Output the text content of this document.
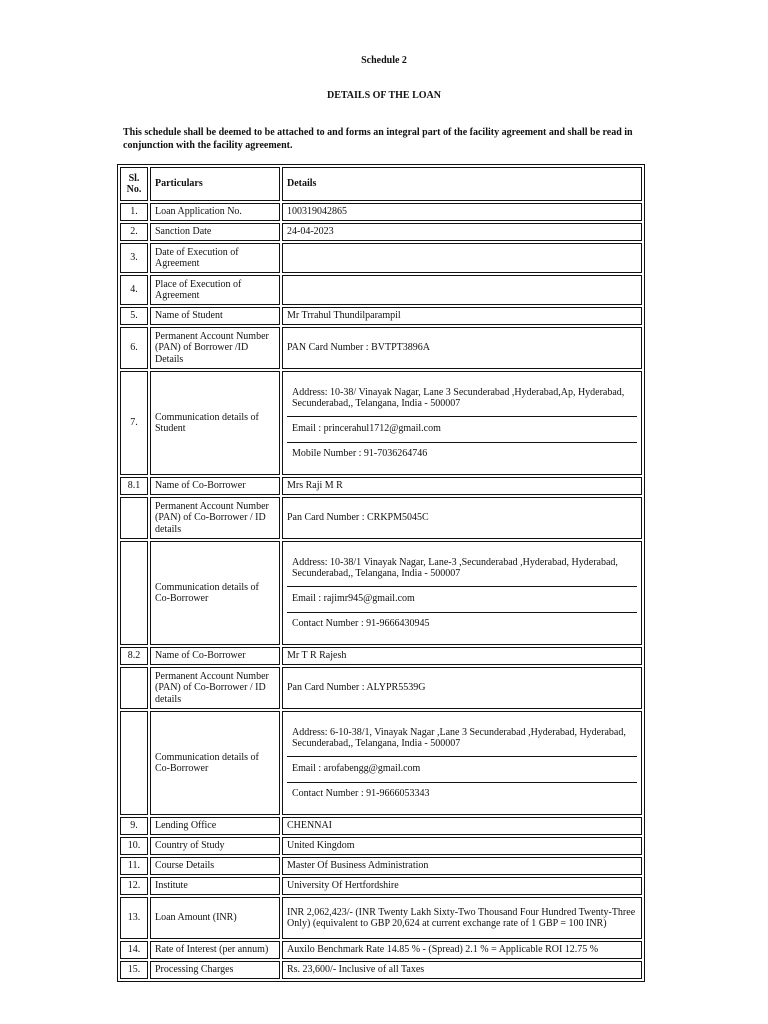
Schedule 2
DETAILS OF THE LOAN
This schedule shall be deemed to be attached to and forms an integral part of the facility agreement and shall be read in conjunction with the facility agreement.
Sl. No.	Particulars	Details
1.	Loan Application No.	100319042865
2.	Sanction Date	24-04-2023
3.	Date of Execution of Agreement	
4.	Place of Execution of Agreement	
5.	Name of Student	Mr Trrahul Thundilparampil
6.	Permanent Account Number (PAN) of Borrower /ID Details	PAN Card Number : BVTPT3896A
7.	Communication details of Student	Address: 10-38/ Vinayak Nagar, Lane 3 Secunderabad ,Hyderabad,Ap, Hyderabad, Secunderabad,, Telangana, India - 500007
Email : princerahul1712@gmail.com
Mobile Number : 91-7036264746

8.1	Name of Co-Borrower	Mrs Raji M R
	Permanent Account Number (PAN) of Co-Borrower / ID details	Pan Card Number : CRKPM5045C
	Communication details of Co-Borrower	Address: 10-38/1 Vinayak Nagar, Lane-3 ,Secunderabad ,Hyderabad, Hyderabad, Secunderabad,, Telangana, India - 500007
Email : rajimr945@gmail.com
Contact Number : 91-9666430945

8.2	Name of Co-Borrower	Mr T R Rajesh
	Permanent Account Number (PAN) of Co-Borrower / ID details	Pan Card Number : ALYPR5539G
	Communication details of Co-Borrower	Address: 6-10-38/1, Vinayak Nagar ,Lane 3 Secunderabad ,Hyderabad, Hyderabad, Secunderabad,, Telangana, India - 500007
Email : arofabengg@gmail.com
Contact Number : 91-9666053343

9.	Lending Office	CHENNAI
10.	Country of Study	United Kingdom
11.	Course Details	Master Of Business Administration
12.	Institute	University Of Hertfordshire
13.	Loan Amount (INR)	INR 2,062,423/- (INR Twenty Lakh Sixty-Two Thousand Four Hundred Twenty-Three Only) (equivalent to GBP 20,624 at current exchange rate of 1 GBP = 100 INR)
14.	Rate of Interest (per annum)	Auxilo Benchmark Rate 14.85 % - (Spread) 2.1 % = Applicable ROI 12.75 %
15.	Processing Charges	Rs. 23,600/- Inclusive of all Taxes
